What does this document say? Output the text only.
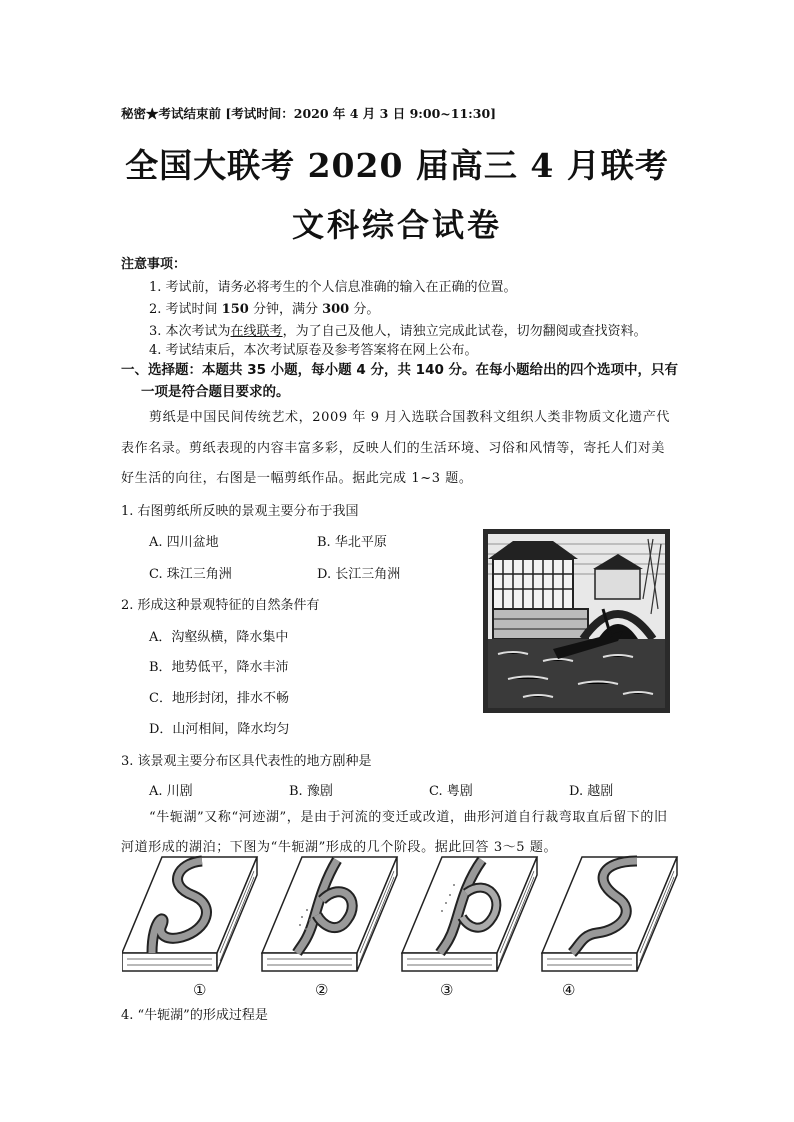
秘密★考试结束前 [考试时间：2020 年 4 月 3 日 9:00~11:30]
全国大联考 2020 届高三 4 月联考
文科综合试卷
注意事项：
1. 考试前，请务必将考生的个人信息准确的输入在正确的位置。
2. 考试时间 150 分钟，满分 300 分。
3. 本次考试为在线联考，为了自己及他人，请独立完成此试卷，切勿翻阅或查找资料。
4. 考试结束后，本次考试原卷及参考答案将在网上公布。
一、选择题：本题共 35 小题，每小题 4 分，共 140 分。在每小题给出的四个选项中，只有
一项是符合题目要求的。
剪纸是中国民间传统艺术，2009 年 9 月入选联合国教科文组织人类非物质文化遗产代
表作名录。剪纸表现的内容丰富多彩，反映人们的生活环境、习俗和风情等，寄托人们对美
好生活的向往，右图是一幅剪纸作品。据此完成 1~3 题。
1. 右图剪纸所反映的景观主要分布于我国
A. 四川盆地	B. 华北平原
C. 珠江三角洲	D. 长江三角洲
2. 形成这种景观特征的自然条件有
A．沟壑纵横，降水集中
B．地势低平，降水丰沛
C．地形封闭，排水不畅
D．山河相间，降水均匀
3. 该景观主要分布区具代表性的地方剧种是
A. 川剧	B. 豫剧	C. 粤剧	D. 越剧
“牛轭湖”又称“河迹湖”，是由于河流的变迁或改道，曲形河道自行裁弯取直后留下的旧
河道形成的湖泊；下图为“牛轭湖”形成的几个阶段。据此回答 3～5 题。
①	②	③	④
4. “牛轭湖”的形成过程是
